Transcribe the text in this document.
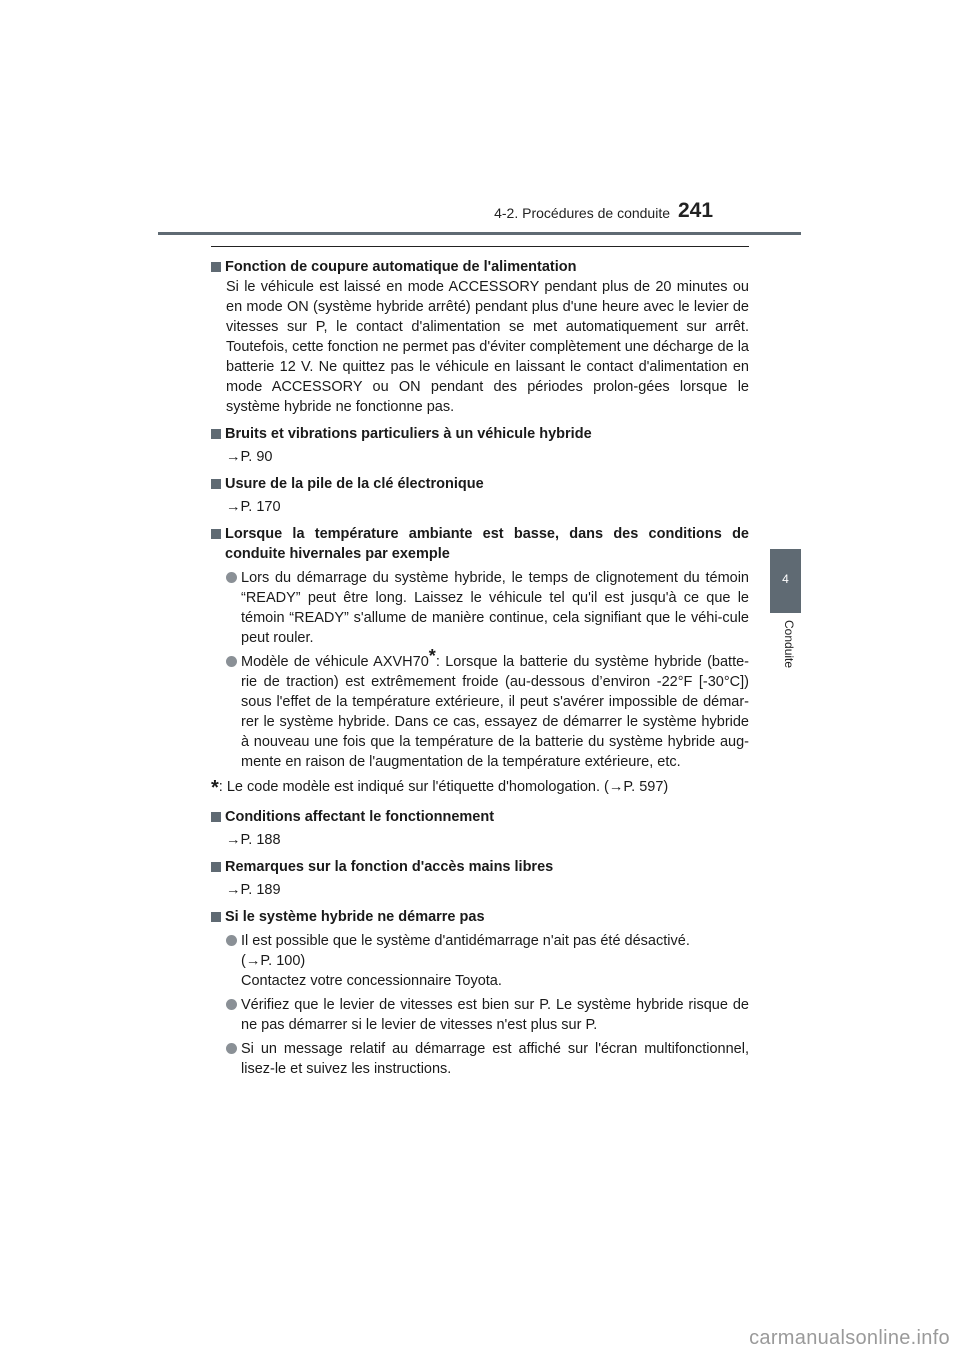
4-2. Procédures de conduite 241
4
Conduite
Fonction de coupure automatique de l'alimentation
Si le véhicule est laissé en mode ACCESSORY pendant plus de 20 minutes ou en mode ON (système hybride arrêté) pendant plus d'une heure avec le levier de vitesses sur P, le contact d'alimentation se met automatiquement sur arrêt. Toutefois, cette fonction ne permet pas d'éviter complètement une décharge de la batterie 12 V. Ne quittez pas le véhicule en laissant le contact d'alimentation en mode ACCESSORY ou ON pendant des périodes prolon-gées lorsque le système hybride ne fonctionne pas.
Bruits et vibrations particuliers à un véhicule hybride
→P. 90
Usure de la pile de la clé électronique
→P. 170
Lorsque la température ambiante est basse, dans des conditions de conduite hivernales par exemple
Lors du démarrage du système hybride, le temps de clignotement du témoin “READY” peut être long. Laissez le véhicule tel qu'il est jusqu'à ce que le témoin “READY” s'allume de manière continue, cela signifiant que le véhi-cule peut rouler.
Modèle de véhicule AXVH70*: Lorsque la batterie du système hybride (batte-rie de traction) est extrêmement froide (au-dessous d’environ -22°F [-30°C]) sous l'effet de la température extérieure, il peut s'avérer impossible de démar-rer le système hybride. Dans ce cas, essayez de démarrer le système hybride à nouveau une fois que la température de la batterie du système hybride aug-mente en raison de l'augmentation de la température extérieure, etc.
*: Le code modèle est indiqué sur l'étiquette d'homologation. (→P. 597)
Conditions affectant le fonctionnement
→P. 188
Remarques sur la fonction d'accès mains libres
→P. 189
Si le système hybride ne démarre pas
Il est possible que le système d'antidémarrage n'ait pas été désactivé.
(→P. 100)
Contactez votre concessionnaire Toyota.
Vérifiez que le levier de vitesses est bien sur P. Le système hybride risque de ne pas démarrer si le levier de vitesses n'est plus sur P.
Si un message relatif au démarrage est affiché sur l'écran multifonctionnel, lisez-le et suivez les instructions.
carmanualsonline.info
